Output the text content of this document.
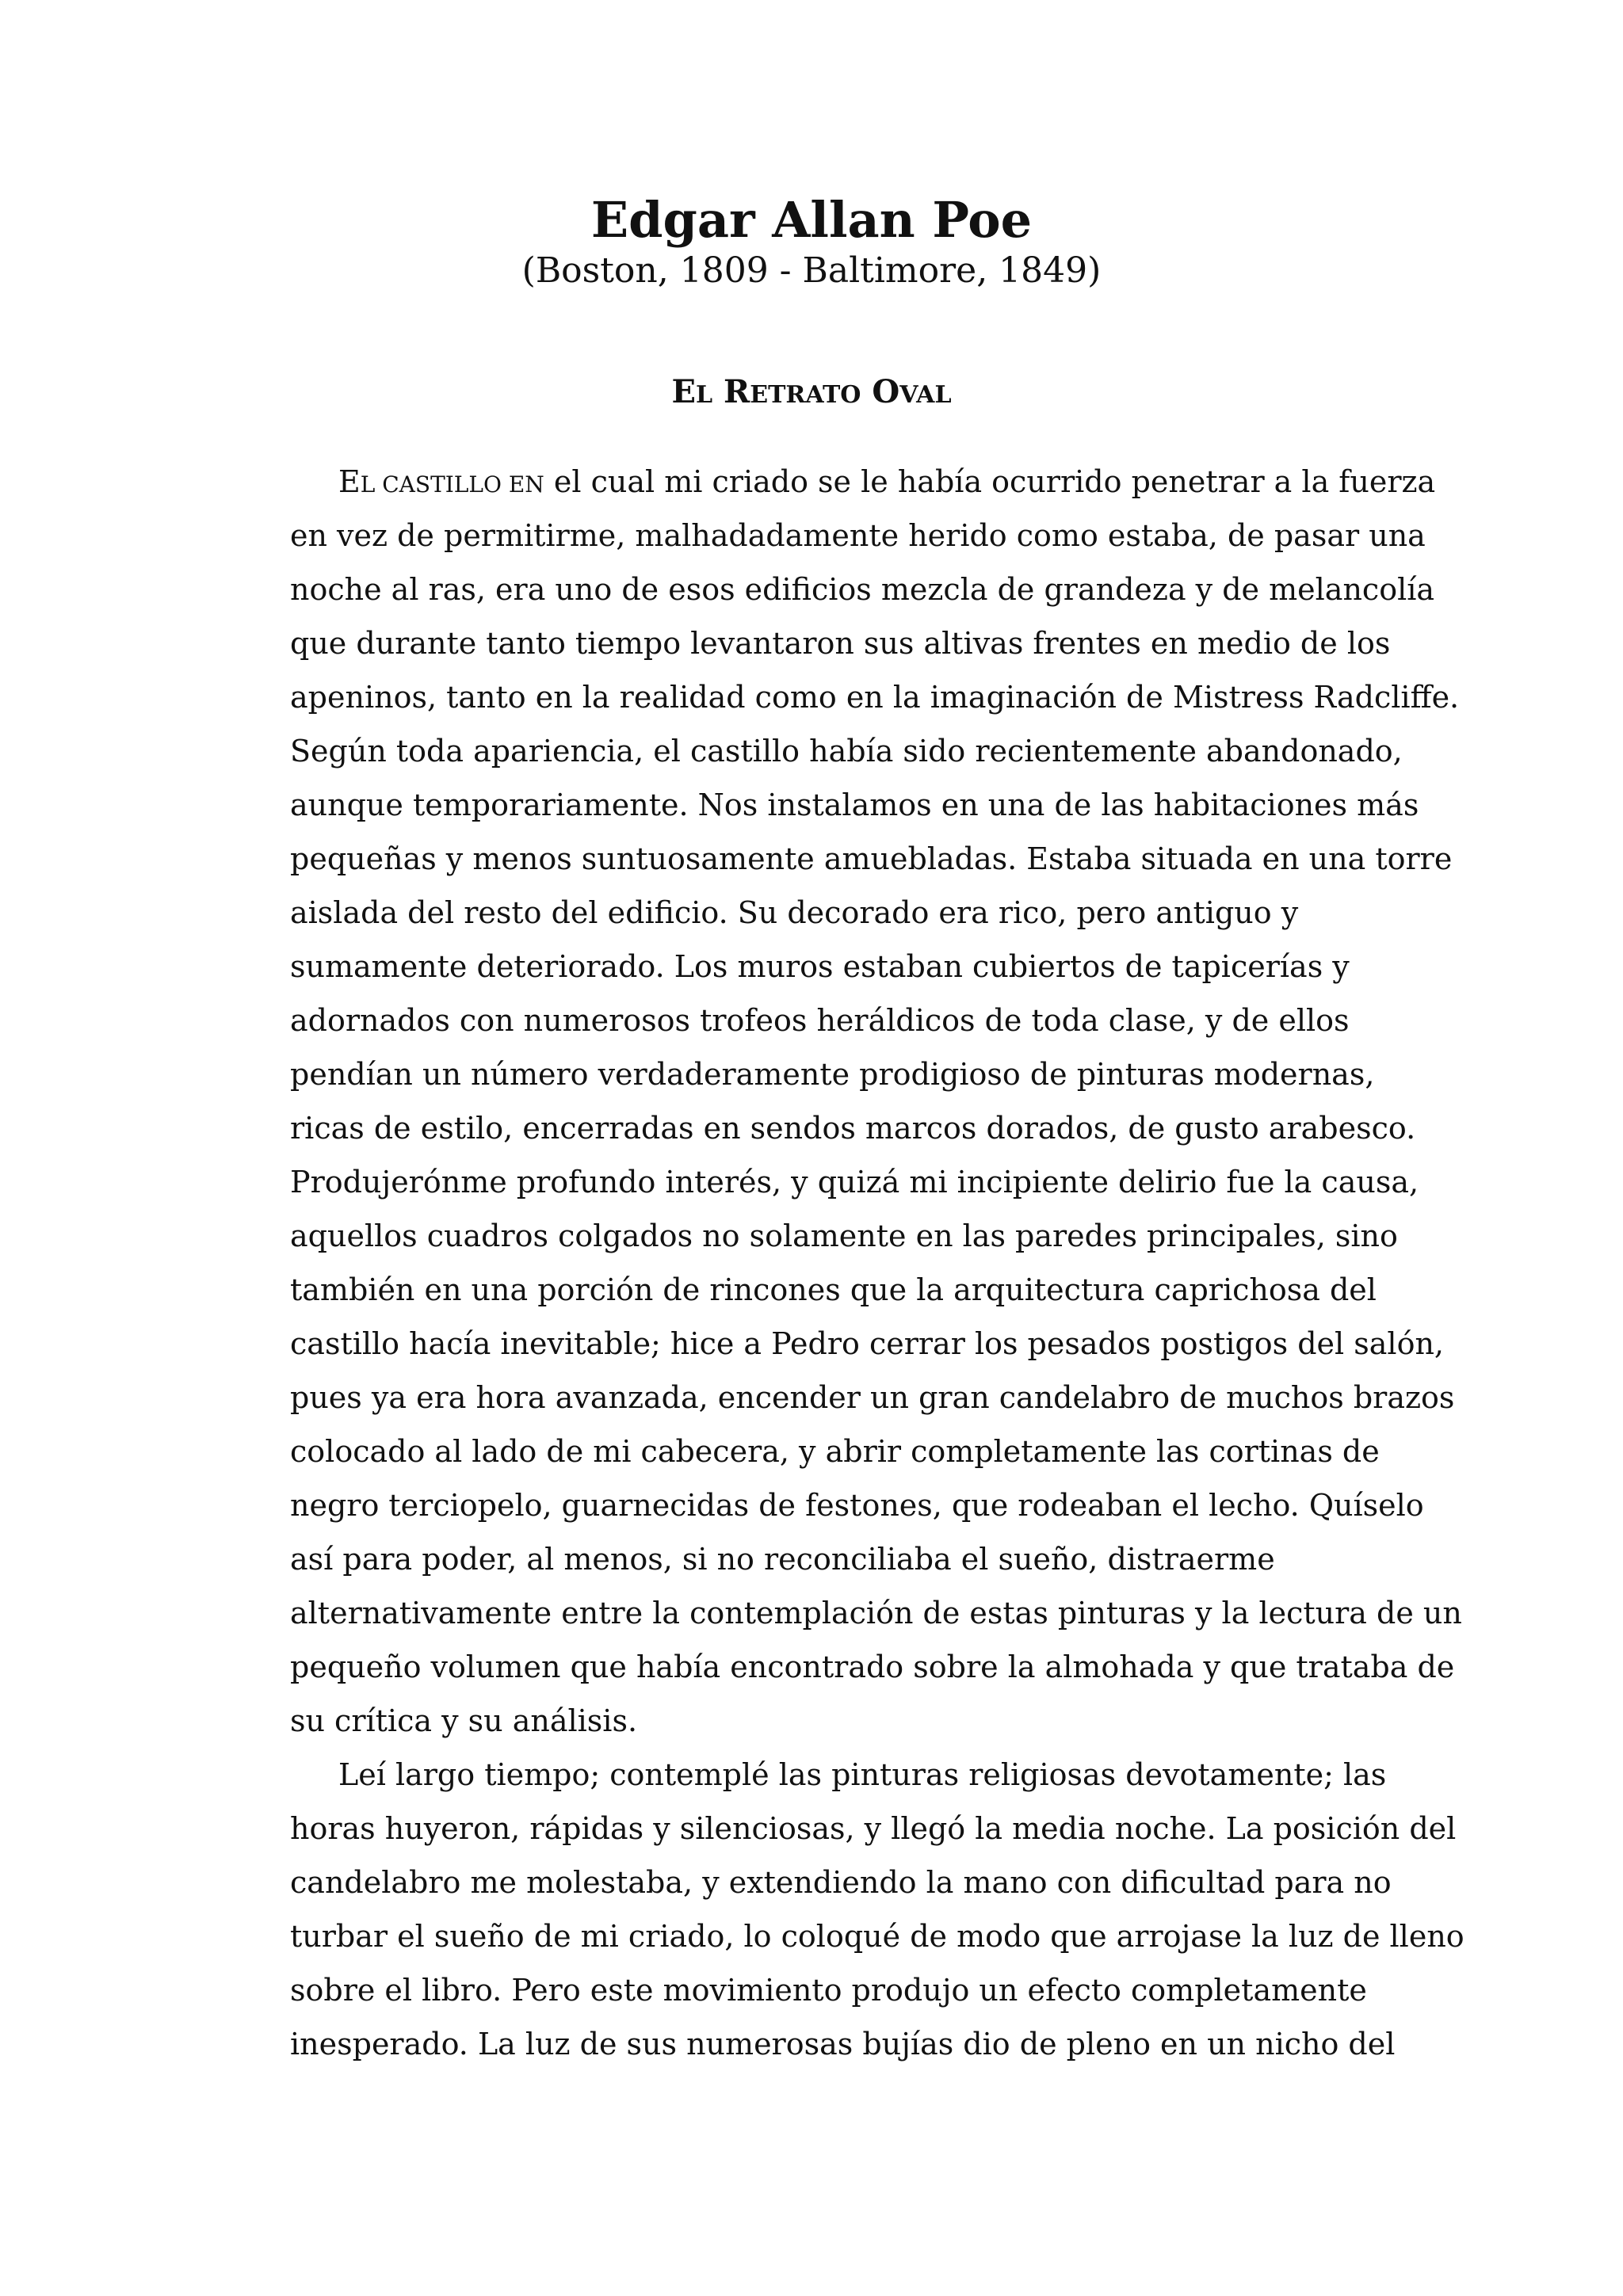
Edgar Allan Poe

(Boston, 1809 - Baltimore, 1849)

EL RETRATO OVAL
EL CASTILLO EN el cual mi criado se le había ocurrido penetrar a la fuerza
en vez de permitirme, malhadadamente herido como estaba, de pasar una
noche al ras, era uno de esos edificios mezcla de grandeza y de melancolía
que durante tanto tiempo levantaron sus altivas frentes en medio de los
apeninos, tanto en la realidad como en la imaginación de Mistress Radcliffe.
Según toda apariencia, el castillo había sido recientemente abandonado,
aunque temporariamente. Nos instalamos en una de las habitaciones más
pequeñas y menos suntuosamente amuebladas. Estaba situada en una torre
aislada del resto del edificio. Su decorado era rico, pero antiguo y
sumamente deteriorado. Los muros estaban cubiertos de tapicerías y
adornados con numerosos trofeos heráldicos de toda clase, y de ellos
pendían un número verdaderamente prodigioso de pinturas modernas,
ricas de estilo, encerradas en sendos marcos dorados, de gusto arabesco.
Produjerónme profundo interés, y quizá mi incipiente delirio fue la causa,
aquellos cuadros colgados no solamente en las paredes principales, sino
también en una porción de rincones que la arquitectura caprichosa del
castillo hacía inevitable; hice a Pedro cerrar los pesados postigos del salón,
pues ya era hora avanzada, encender un gran candelabro de muchos brazos
colocado al lado de mi cabecera, y abrir completamente las cortinas de
negro terciopelo, guarnecidas de festones, que rodeaban el lecho. Quíselo
así para poder, al menos, si no reconciliaba el sueño, distraerme
alternativamente entre la contemplación de estas pinturas y la lectura de un
pequeño volumen que había encontrado sobre la almohada y que trataba de
su crítica y su análisis.
Leí largo tiempo; contemplé las pinturas religiosas devotamente; las
horas huyeron, rápidas y silenciosas, y llegó la media noche. La posición del
candelabro me molestaba, y extendiendo la mano con dificultad para no
turbar el sueño de mi criado, lo coloqué de modo que arrojase la luz de lleno
sobre el libro. Pero este movimiento produjo un efecto completamente
inesperado. La luz de sus numerosas bujías dio de pleno en un nicho del
